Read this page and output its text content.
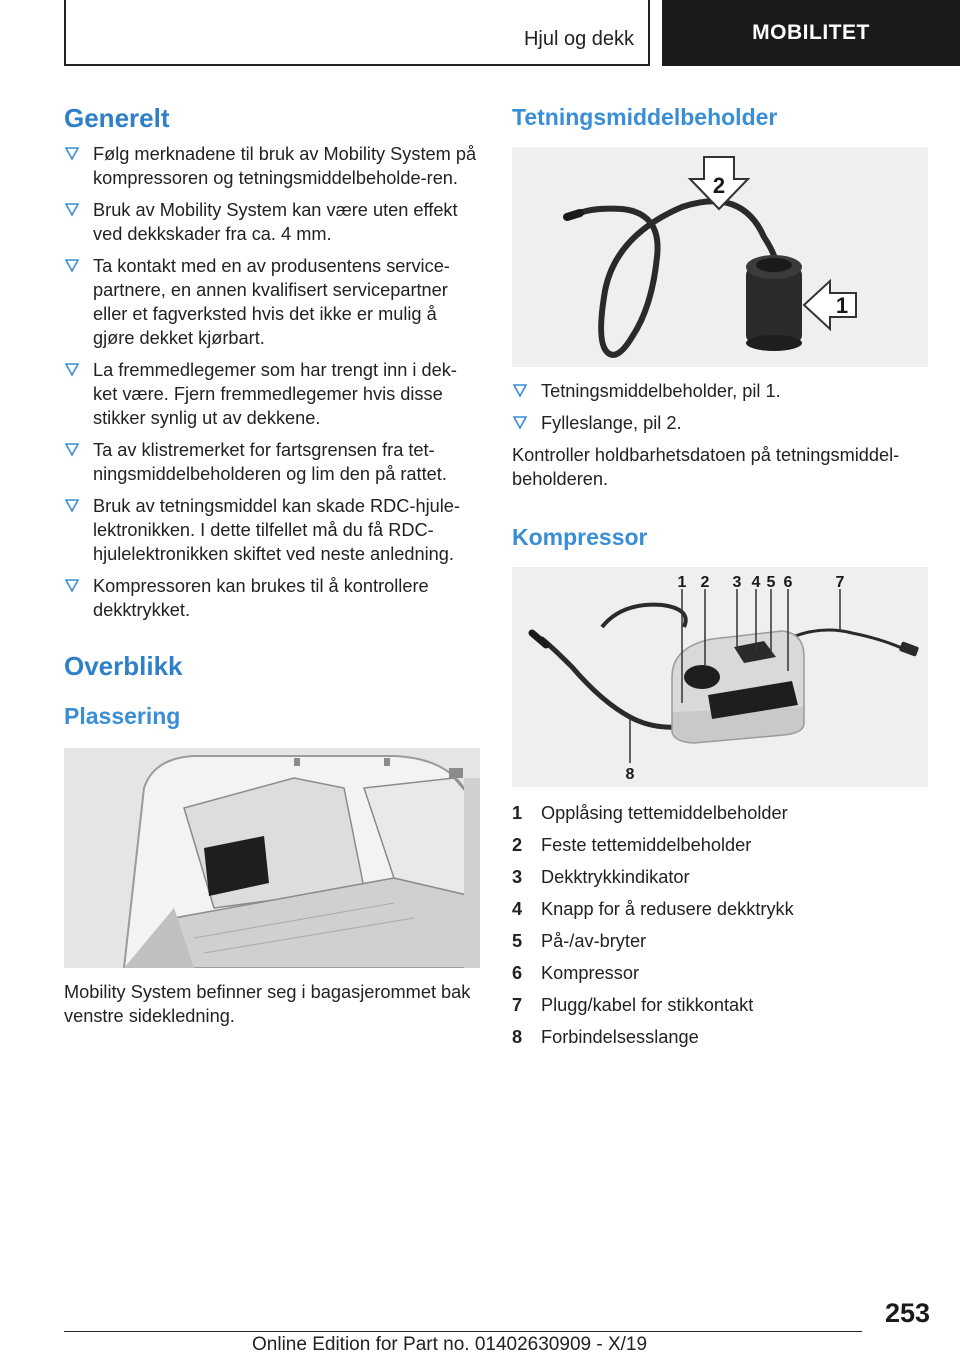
Hjul og dekk	MOBILITET
Generelt
Følg merknadene til bruk av Mobility System på kompressoren og tetningsmiddelbeholde‐ren.
Bruk av Mobility System kan være uten effekt ved dekkskader fra ca. 4 mm.
Ta kontakt med en av produsentens service‐partnere, en annen kvalifisert servicepartner eller et fagverksted hvis det ikke er mulig å gjøre dekket kjørbart.
La fremmedlegemer som har trengt inn i dek‐ket være. Fjern fremmedlegemer hvis disse stikker synlig ut av dekkene.
Ta av klistremerket for fartsgrensen fra tet‐ningsmiddelbeholderen og lim den på rattet.
Bruk av tetningsmiddel kan skade RDC-hjule‐lektronikken. I dette tilfellet må du få RDC-hjulelektronikken skiftet ved neste anledning.
Kompressoren kan brukes til å kontrollere dekktrykket.
Overblikk
Plassering

Mobility System befinner seg i bagasjerommet bak venstre sidekledning.

Tetningsmiddelbeholder
2
1
Tetningsmiddelbeholder, pil 1.
Fylleslange, pil 2.

Kontroller holdbarhetsdatoen på tetningsmiddel‐beholderen.

Kompressor
1 2 3 4 5 6	7
8
1	Opplåsing tettemiddelbeholder
2	Feste tettemiddelbeholder
3	Dekktrykkindikator
4	Knapp for å redusere dekktrykk
5	På-/av-bryter
6	Kompressor
7	Plugg/kabel for stikkontakt
8	Forbindelsesslange
253
Online Edition for Part no. 01402630909 - X/19
